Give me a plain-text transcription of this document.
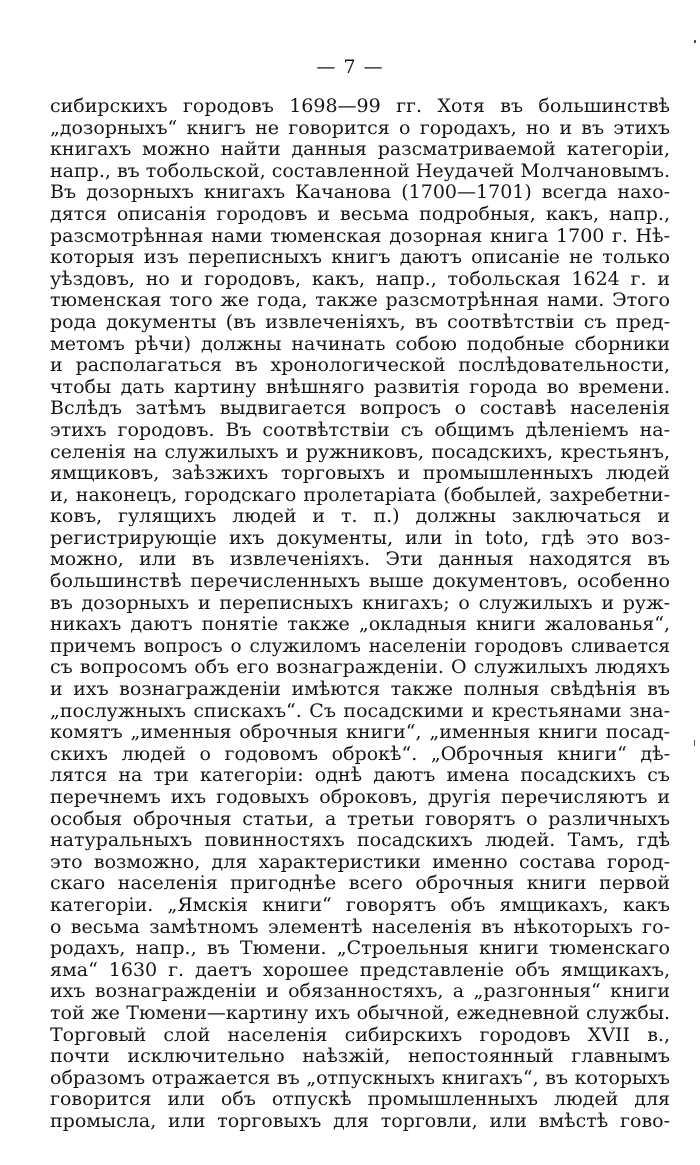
— 7 —
сибирскихъ городовъ 1698—99 гг. Хотя въ большинствѣ
„дозорныхъ“ книгъ не говорится о городахъ, но и въ этихъ
книгахъ можно найти данныя разсматриваемой категоріи,
напр., въ тобольской, составленной Неудачей Молчановымъ.
Въ дозорныхъ книгахъ Качанова (1700—1701) всегда нахо-
дятся описанія городовъ и весьма подробныя, какъ, напр.,
разсмотрѣнная нами тюменская дозорная книга 1700 г. Нѣ-
которыя изъ переписныхъ книгъ даютъ описаніе не только
уѣздовъ, но и городовъ, какъ, напр., тобольская 1624 г. и
тюменская того же года, также разсмотрѣнная нами. Этого
рода документы (въ извлеченіяхъ, въ соотвѣтствіи съ пред-
метомъ рѣчи) должны начинать собою подобные сборники
и располагаться въ хронологической послѣдовательности,
чтобы дать картину внѣшняго развитія города во времени.
Вслѣдъ затѣмъ выдвигается вопросъ о составѣ населенія
этихъ городовъ. Въ соотвѣтствіи съ общимъ дѣленіемъ на-
селенія на служилыхъ и ружниковъ, посадскихъ, крестьянъ,
ямщиковъ, заѣзжихъ торговыхъ и промышленныхъ людей
и, наконецъ, городскаго пролетаріата (бобылей, захребетни-
ковъ, гулящихъ людей и т. п.) должны заключаться и
регистрирующіе ихъ документы, или in toto, гдѣ это воз-
можно, или въ извлеченіяхъ. Эти данныя находятся въ
большинствѣ перечисленныхъ выше документовъ, особенно
въ дозорныхъ и переписныхъ книгахъ; о служилыхъ и руж-
никахъ даютъ понятіе также „окладныя книги жалованья“,
причемъ вопросъ о служиломъ населеніи городовъ сливается
съ вопросомъ объ его вознагражденіи. О служилыхъ людяхъ
и ихъ вознагражденіи имѣются также полныя свѣдѣнія въ
„послужныхъ спискахъ“. Съ посадскими и крестьянами зна-
комятъ „именныя оброчныя книги“, „именныя книги посад-
скихъ людей о годовомъ оброкѣ“. „Оброчныя книги“ дѣ-
лятся на три категоріи: однѣ даютъ имена посадскихъ съ
перечнемъ ихъ годовыхъ оброковъ, другія перечисляютъ и
особыя оброчныя статьи, а третьи говорятъ о различныхъ
натуральныхъ повинностяхъ посадскихъ людей. Тамъ, гдѣ
это возможно, для характеристики именно состава город-
скаго населенія пригоднѣе всего оброчныя книги первой
категоріи. „Ямскія книги“ говорятъ объ ямщикахъ, какъ
о весьма замѣтномъ элементѣ населенія въ нѣкоторыхъ го-
родахъ, напр., въ Тюмени. „Строельныя книги тюменскаго
яма“ 1630 г. даетъ хорошее представленіе объ ямщикахъ,
ихъ вознагражденіи и обязанностяхъ, а „разгонныя“ книги
той же Тюмени—картину ихъ обычной, ежедневной службы.
Торговый слой населенія сибирскихъ городовъ XVII в.,
почти исключительно наѣзжій, непостоянный главнымъ
образомъ отражается въ „отпускныхъ книгахъ“, въ которыхъ
говорится или объ отпускѣ промышленныхъ людей для
промысла, или торговыхъ для торговли, или вмѣстѣ гово-
